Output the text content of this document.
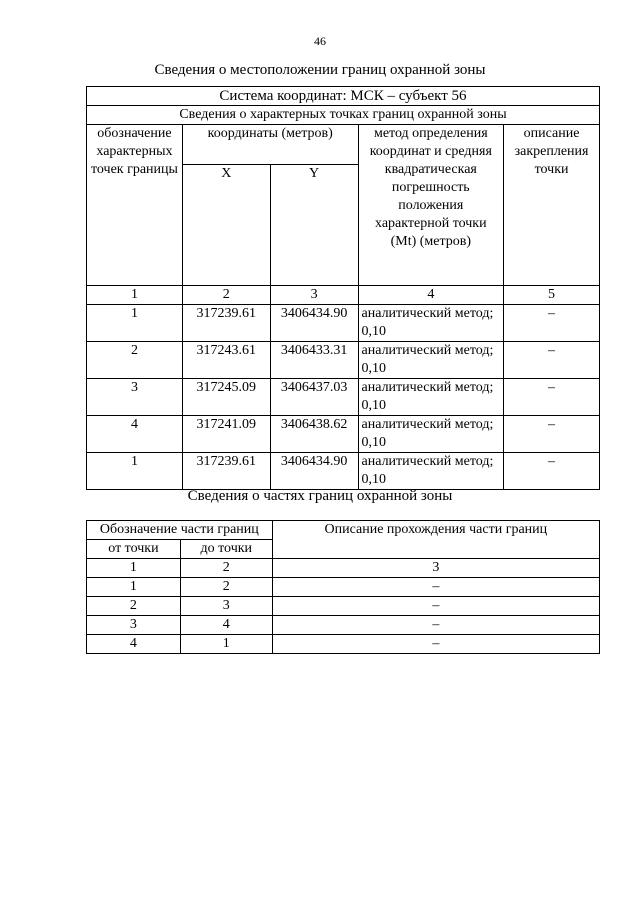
46
Сведения о местоположении границ охранной зоны
Система координат: МСК – субъект 56				
Сведения о характерных точках границ охранной зоны				
обозначение характерных точек границы	координаты (метров)		метод определения координат и средняя квадратическая погрешность положения характерной точки (Mt) (метров)	описание закрепления точки
	X	Y		
1	2	3	4	5
1	317239.61	3406434.90	аналитический метод; 0,10	–
2	317243.61	3406433.31	аналитический метод; 0,10	–
3	317245.09	3406437.03	аналитический метод; 0,10	–
4	317241.09	3406438.62	аналитический метод; 0,10	–
1	317239.61	3406434.90	аналитический метод; 0,10	–
Сведения о частях границ охранной зоны
Обозначение части границ		Описание прохождения части границ
от точки	до точки	
1	2	3
1	2	–
2	3	–
3	4	–
4	1	–
